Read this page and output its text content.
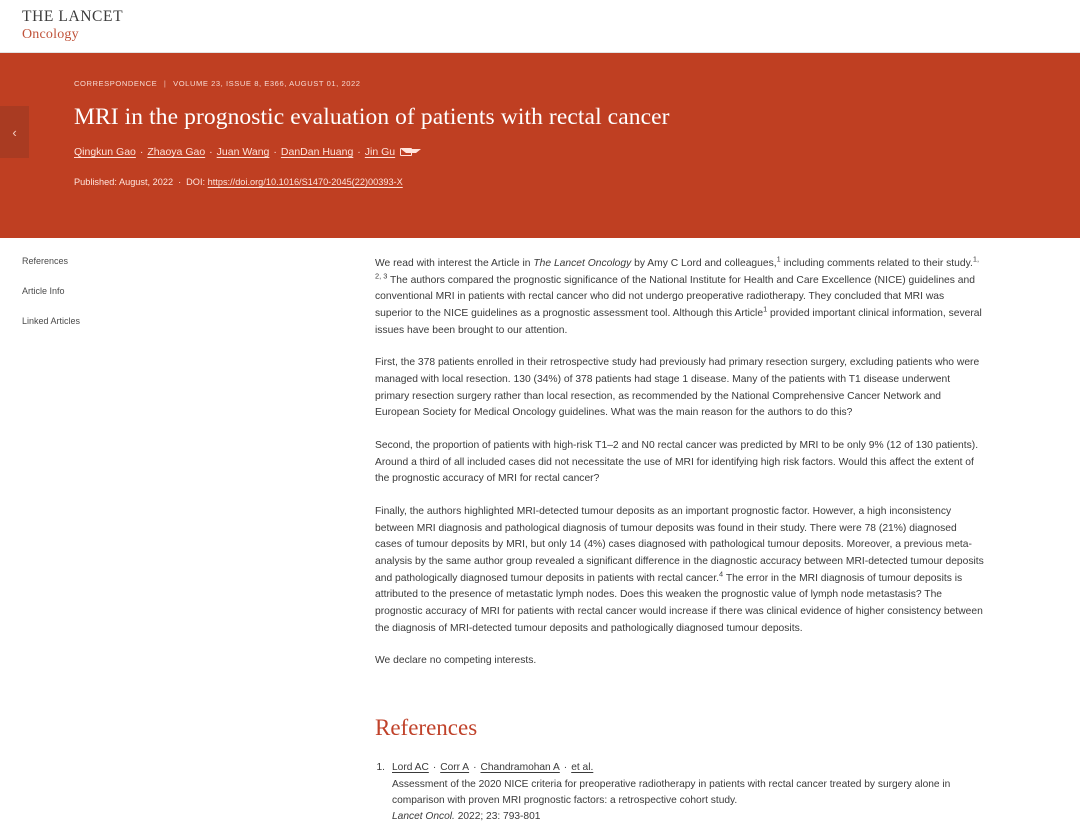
THE LANCET
Oncology
‹
CORRESPONDENCE | VOLUME 23, ISSUE 8, E366, AUGUST 01, 2022
MRI in the prognostic evaluation of patients with rectal cancer
Qingkun Gao · Zhaoya Gao · Juan Wang · DanDan Huang · Jin Gu
Published: August, 2022 · DOI: https://doi.org/10.1016/S1470-2045(22)00393-X
References
Article Info
Linked Articles

We read with interest the Article in The Lancet Oncology by Amy C Lord and colleagues,$^1$ including comments related to their study.$^{1, 2, 3}$ The authors compared the prognostic significance of the National Institute for Health and Care Excellence (NICE) guidelines and conventional MRI in patients with rectal cancer who did not undergo preoperative radiotherapy. They concluded that MRI was superior to the NICE guidelines as a prognostic assessment tool. Although this Article$^1$ provided important clinical information, several issues have been brought to our attention.

First, the 378 patients enrolled in their retrospective study had previously had primary resection surgery, excluding patients who were managed with local resection. 130 (34%) of 378 patients had stage 1 disease. Many of the patients with T1 disease underwent primary resection surgery rather than local resection, as recommended by the National Comprehensive Cancer Network and European Society for Medical Oncology guidelines. What was the main reason for the authors to do this?

Second, the proportion of patients with high-risk T1–2 and N0 rectal cancer was predicted by MRI to be only 9% (12 of 130 patients). Around a third of all included cases did not necessitate the use of MRI for identifying high risk factors. Would this affect the extent of the prognostic accuracy of MRI for rectal cancer?

Finally, the authors highlighted MRI-detected tumour deposits as an important prognostic factor. However, a high inconsistency between MRI diagnosis and pathological diagnosis of tumour deposits was found in their study. There were 78 (21%) diagnosed cases of tumour deposits by MRI, but only 14 (4%) cases diagnosed with pathological tumour deposits. Moreover, a previous meta-analysis by the same author group revealed a significant difference in the diagnostic accuracy between MRI-detected tumour deposits and pathologically diagnosed tumour deposits in patients with rectal cancer.$^4$ The error in the MRI diagnosis of tumour deposits is attributed to the presence of metastatic lymph nodes. Does this weaken the prognostic value of lymph node metastasis? The prognostic accuracy of MRI for patients with rectal cancer would increase if there was clinical evidence of higher consistency between the diagnosis of MRI-detected tumour deposits and pathologically diagnosed tumour deposits.

We declare no competing interests.

References
1. Lord AC · Corr A · Chandramohan A · et al.
Assessment of the 2020 NICE criteria for preoperative radiotherapy in patients with rectal cancer treated by surgery alone in comparison with proven MRI prognostic factors: a retrospective cohort study.
Lancet Oncol. 2022; 23: 793-801
